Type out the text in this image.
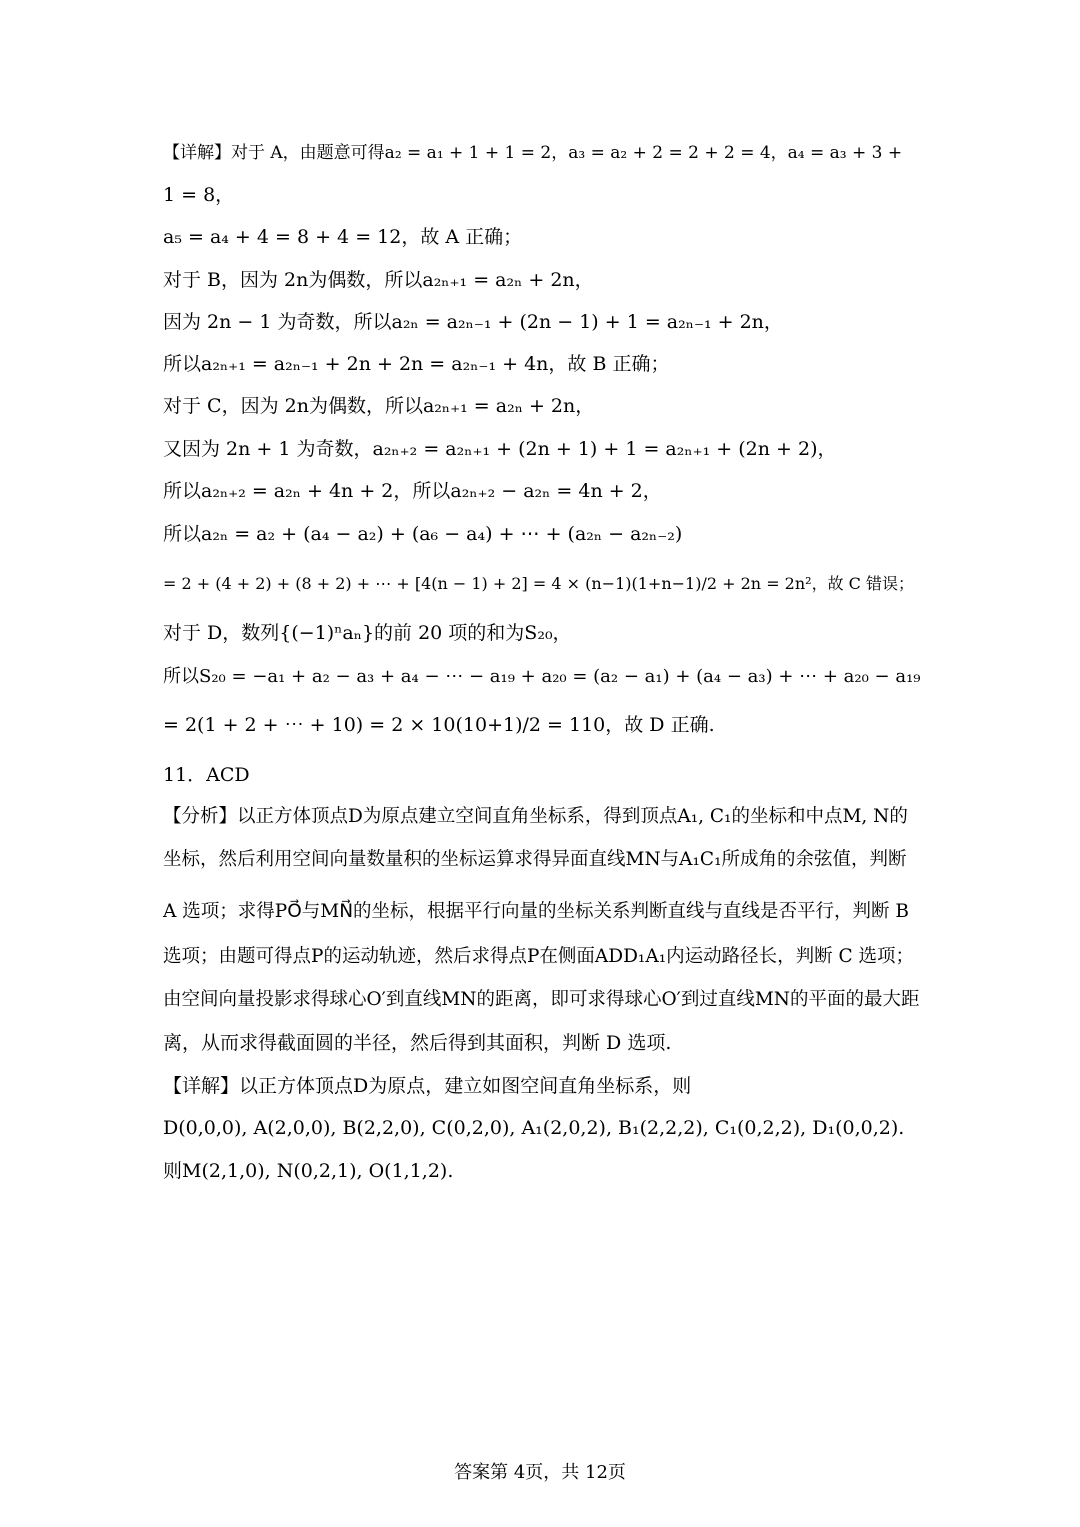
【详解】对于 A，由题意可得a₂ = a₁ + 1 + 1 = 2，a₃ = a₂ + 2 = 2 + 2 = 4，a₄ = a₃ + 3 +
1 = 8，
a₅ = a₄ + 4 = 8 + 4 = 12，故 A 正确；
对于 B，因为 2n为偶数，所以a₂ₙ₊₁ = a₂ₙ + 2n，
因为 2n − 1 为奇数，所以a₂ₙ = a₂ₙ₋₁ + (2n − 1) + 1 = a₂ₙ₋₁ + 2n，
所以a₂ₙ₊₁ = a₂ₙ₋₁ + 2n + 2n = a₂ₙ₋₁ + 4n，故 B 正确；
对于 C，因为 2n为偶数，所以a₂ₙ₊₁ = a₂ₙ + 2n，
又因为 2n + 1 为奇数，a₂ₙ₊₂ = a₂ₙ₊₁ + (2n + 1) + 1 = a₂ₙ₊₁ + (2n + 2)，
所以a₂ₙ₊₂ = a₂ₙ + 4n + 2，所以a₂ₙ₊₂ − a₂ₙ = 4n + 2，
所以a₂ₙ = a₂ + (a₄ − a₂) + (a₆ − a₄) + ⋯ + (a₂ₙ − a₂ₙ₋₂)
= 2 + (4 + 2) + (8 + 2) + ⋯ + [4(n − 1) + 2] = 4 × (n−1)(1+n−1)/2 + 2n = 2n²，故 C 错误；
对于 D，数列{(−1)ⁿaₙ}的前 20 项的和为S₂₀，
所以S₂₀ = −a₁ + a₂ − a₃ + a₄ − ⋯ − a₁₉ + a₂₀ = (a₂ − a₁) + (a₄ − a₃) + ⋯ + a₂₀ − a₁₉
= 2(1 + 2 + ⋯ + 10) = 2 × 10(10+1)/2 = 110，故 D 正确.
11．ACD
【分析】以正方体顶点D为原点建立空间直角坐标系，得到顶点A₁, C₁的坐标和中点M, N的
坐标，然后利用空间向量数量积的坐标运算求得异面直线MN与A₁C₁所成角的余弦值，判断
A 选项；求得PO⃗与MN⃗的坐标，根据平行向量的坐标关系判断直线与直线是否平行，判断 B
选项；由题可得点P的运动轨迹，然后求得点P在侧面ADD₁A₁内运动路径长，判断 C 选项；
由空间向量投影求得球心O′到直线MN的距离，即可求得球心O′到过直线MN的平面的最大距
离，从而求得截面圆的半径，然后得到其面积，判断 D 选项.
【详解】以正方体顶点D为原点，建立如图空间直角坐标系，则
D(0,0,0), A(2,0,0), B(2,2,0), C(0,2,0), A₁(2,0,2), B₁(2,2,2), C₁(0,2,2), D₁(0,0,2).
则M(2,1,0), N(0,2,1), O(1,1,2).
答案第 4页，共 12页
